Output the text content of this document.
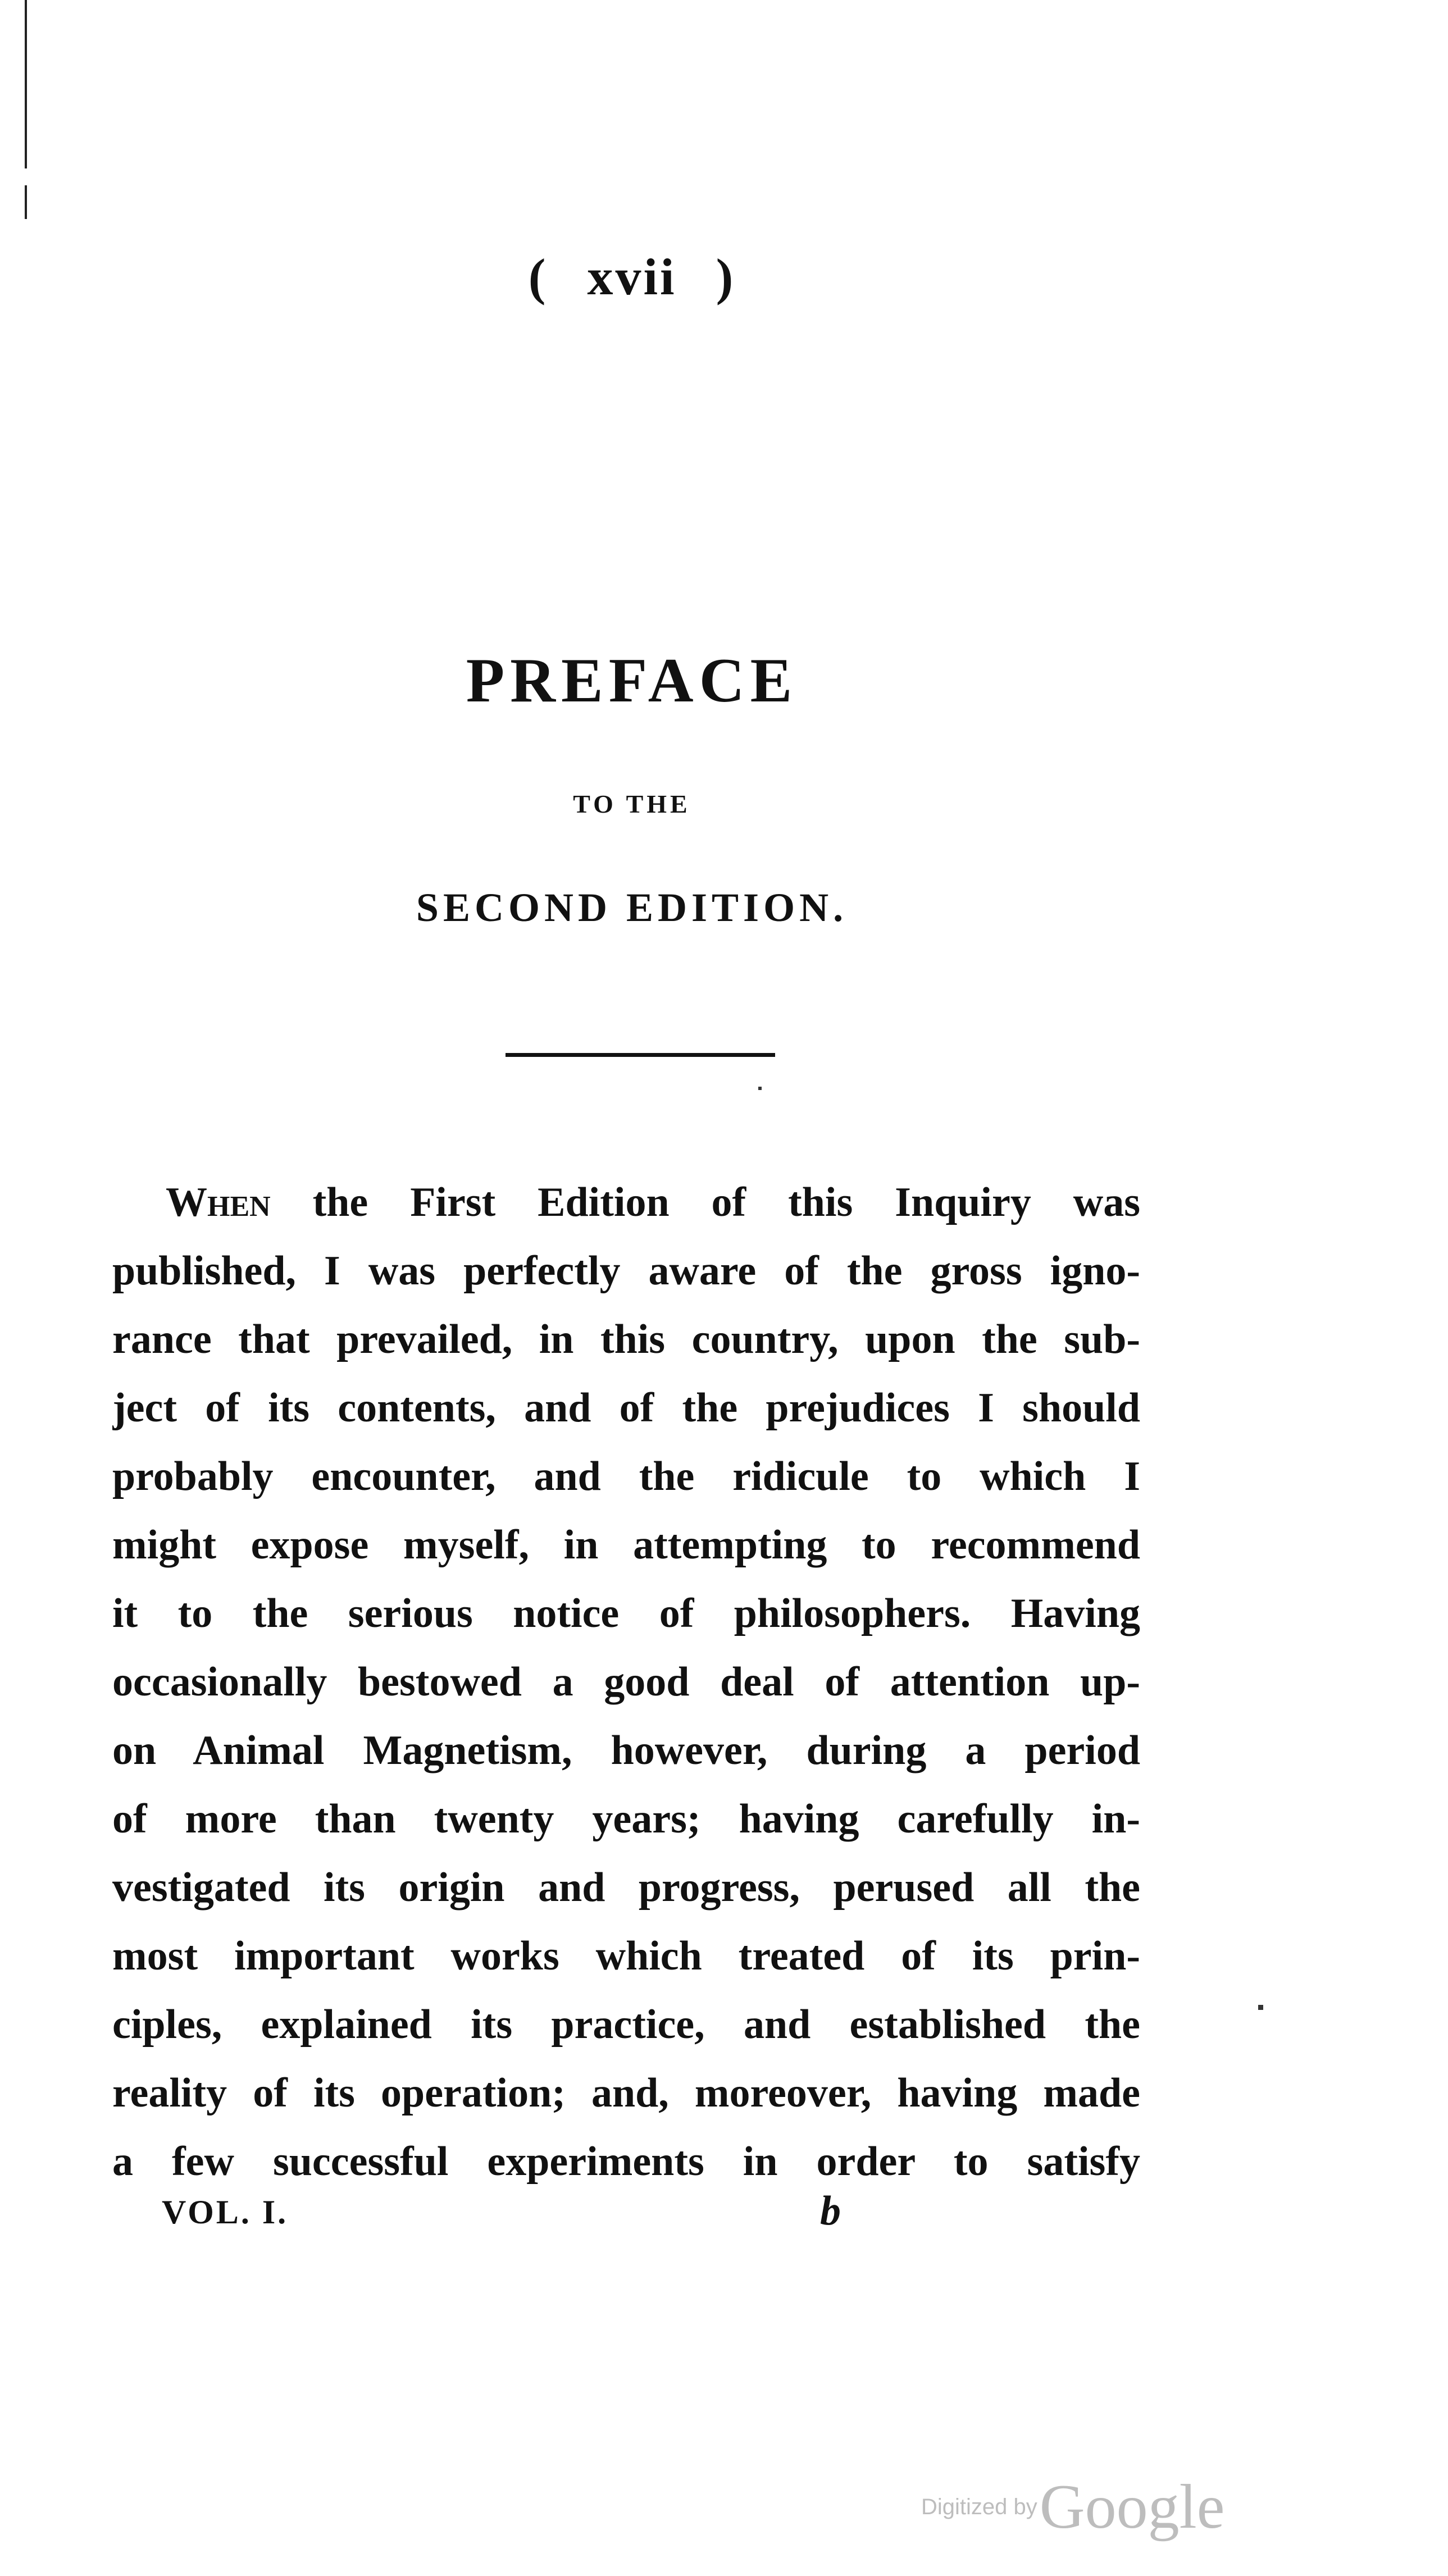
( xvii )
PREFACE
TO THE
SECOND EDITION.
When the First Edition of this Inquiry was
published, I was perfectly aware of the gross igno-
rance that prevailed, in this country, upon the sub-
ject of its contents, and of the prejudices I should
probably encounter, and the ridicule to which I
might expose myself, in attempting to recommend
it to the serious notice of philosophers. Having
occasionally bestowed a good deal of attention up-
on Animal Magnetism, however, during a period
of more than twenty years; having carefully in-
vestigated its origin and progress, perused all the
most important works which treated of its prin-
ciples, explained its practice, and established the
reality of its operation; and, moreover, having made
a few successful experiments in order to satisfy
VOL. I.	b
Digitized by Google
